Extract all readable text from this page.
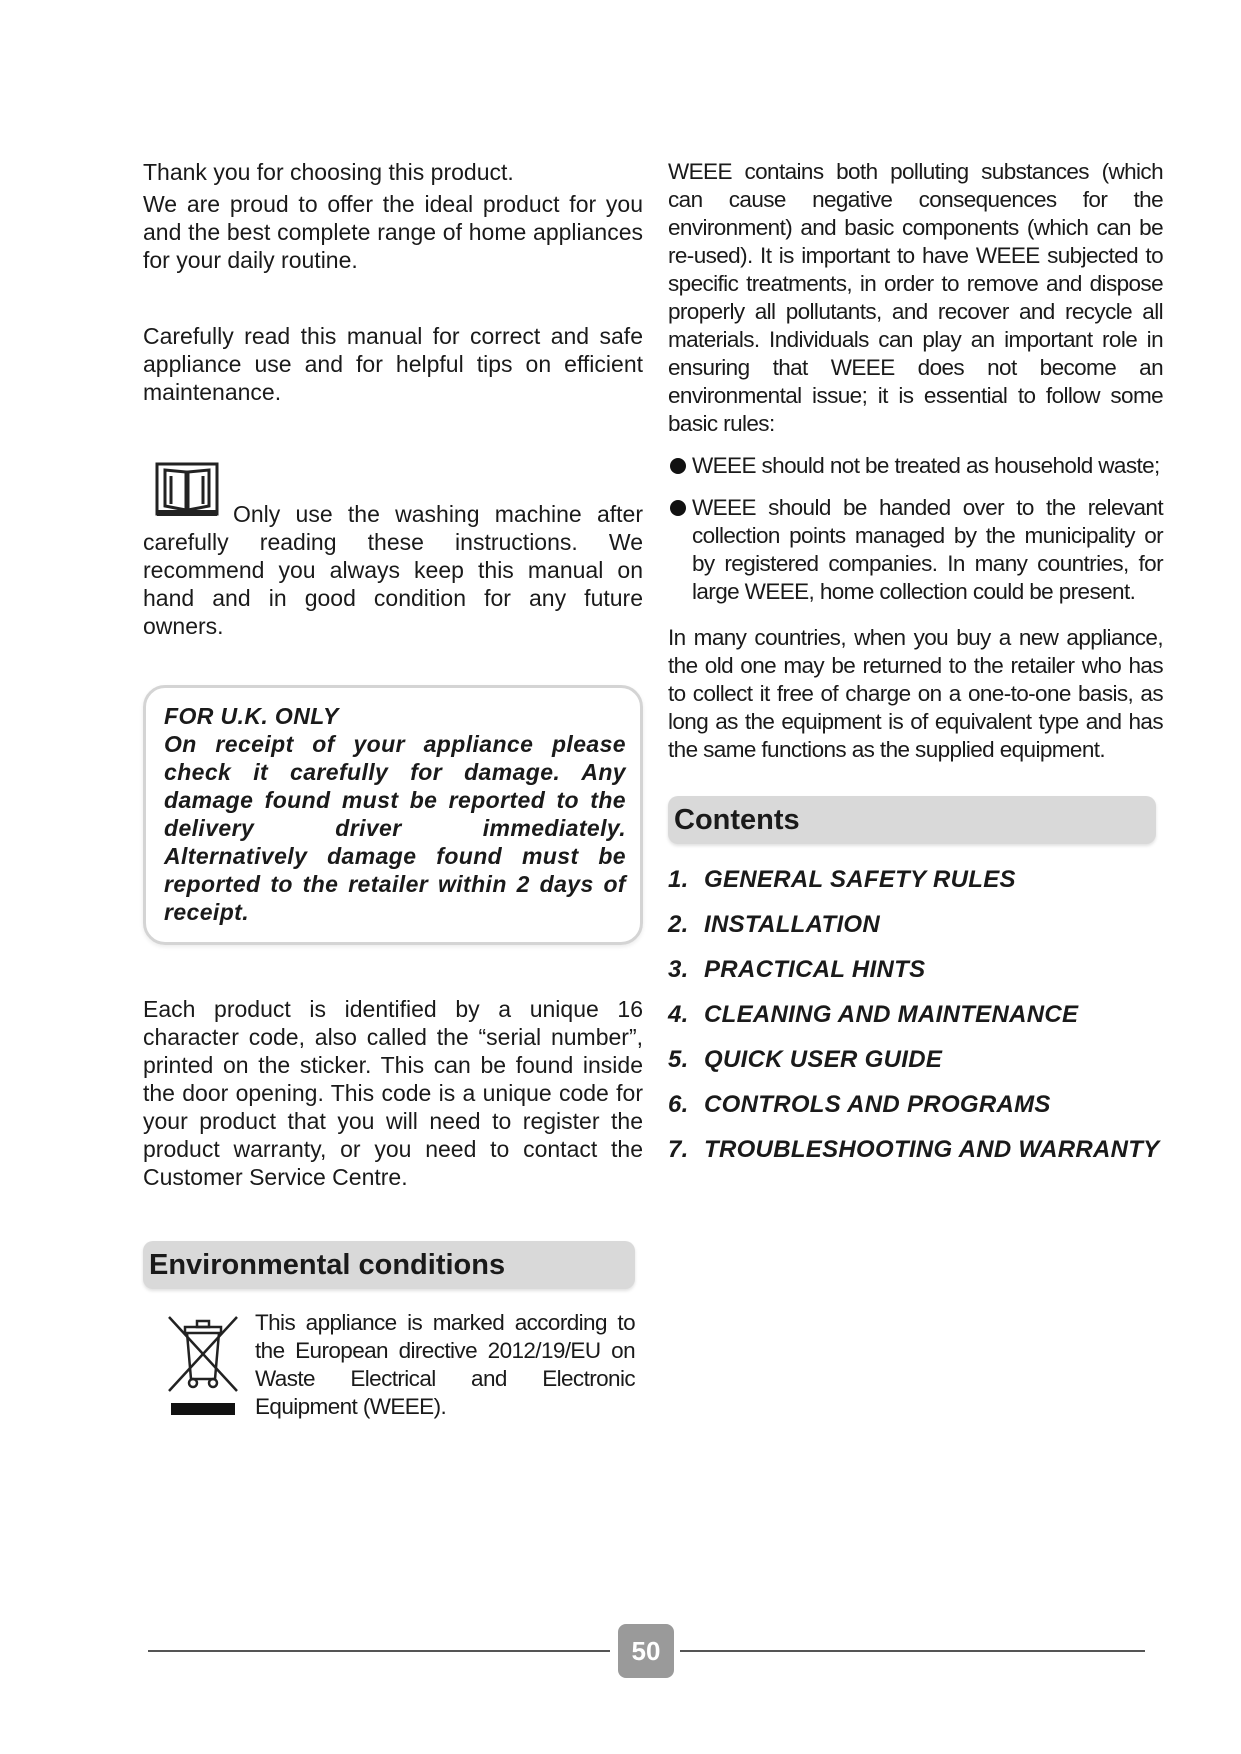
Thank you for choosing this product.

We are proud to offer the ideal product for you and the best complete range of home appliances for your daily routine.

Carefully read this manual for correct and safe appliance use and for helpful tips on efficient maintenance.

Only use the washing machine after carefully reading these instructions. We recommend you always keep this manual on hand and in good condition for any future owners.

FOR U.K. ONLY

On receipt of your appliance please check it carefully for damage. Any damage found must be reported to the delivery driver immediately. Alternatively damage found must be reported to the retailer within 2 days of receipt.

Each product is identified by a unique 16 character code, also called the “serial number”, printed on the sticker. This can be found inside the door opening. This code is a unique code for your product that you will need to register the product warranty, or you need to contact the Customer Service Centre.

Environmental conditions

This appliance is marked according to the European directive 2012/19/EU on Waste Electrical and Electronic Equipment (WEEE).

WEEE contains both polluting substances (which can cause negative consequences for the environment) and basic components (which can be re-used). It is important to have WEEE subjected to specific treatments, in order to remove and dispose properly all pollutants, and recover and recycle all materials. Individuals can play an important role in ensuring that WEEE does not become an environmental issue; it is essential to follow some basic rules:

WEEE should not be treated as household waste;

WEEE should be handed over to the relevant collection points managed by the municipality or by registered companies. In many countries, for large WEEE, home collection could be present.

In many countries, when you buy a new appliance, the old one may be returned to the retailer who has to collect it free of charge on a one-to-one basis, as long as the equipment is of equivalent type and has the same functions as the supplied equipment.

Contents
1. GENERAL SAFETY RULES
2. INSTALLATION
3. PRACTICAL HINTS
4. CLEANING AND MAINTENANCE
5. QUICK USER GUIDE
6. CONTROLS AND PROGRAMS
7. TROUBLESHOOTING AND WARRANTY
50
